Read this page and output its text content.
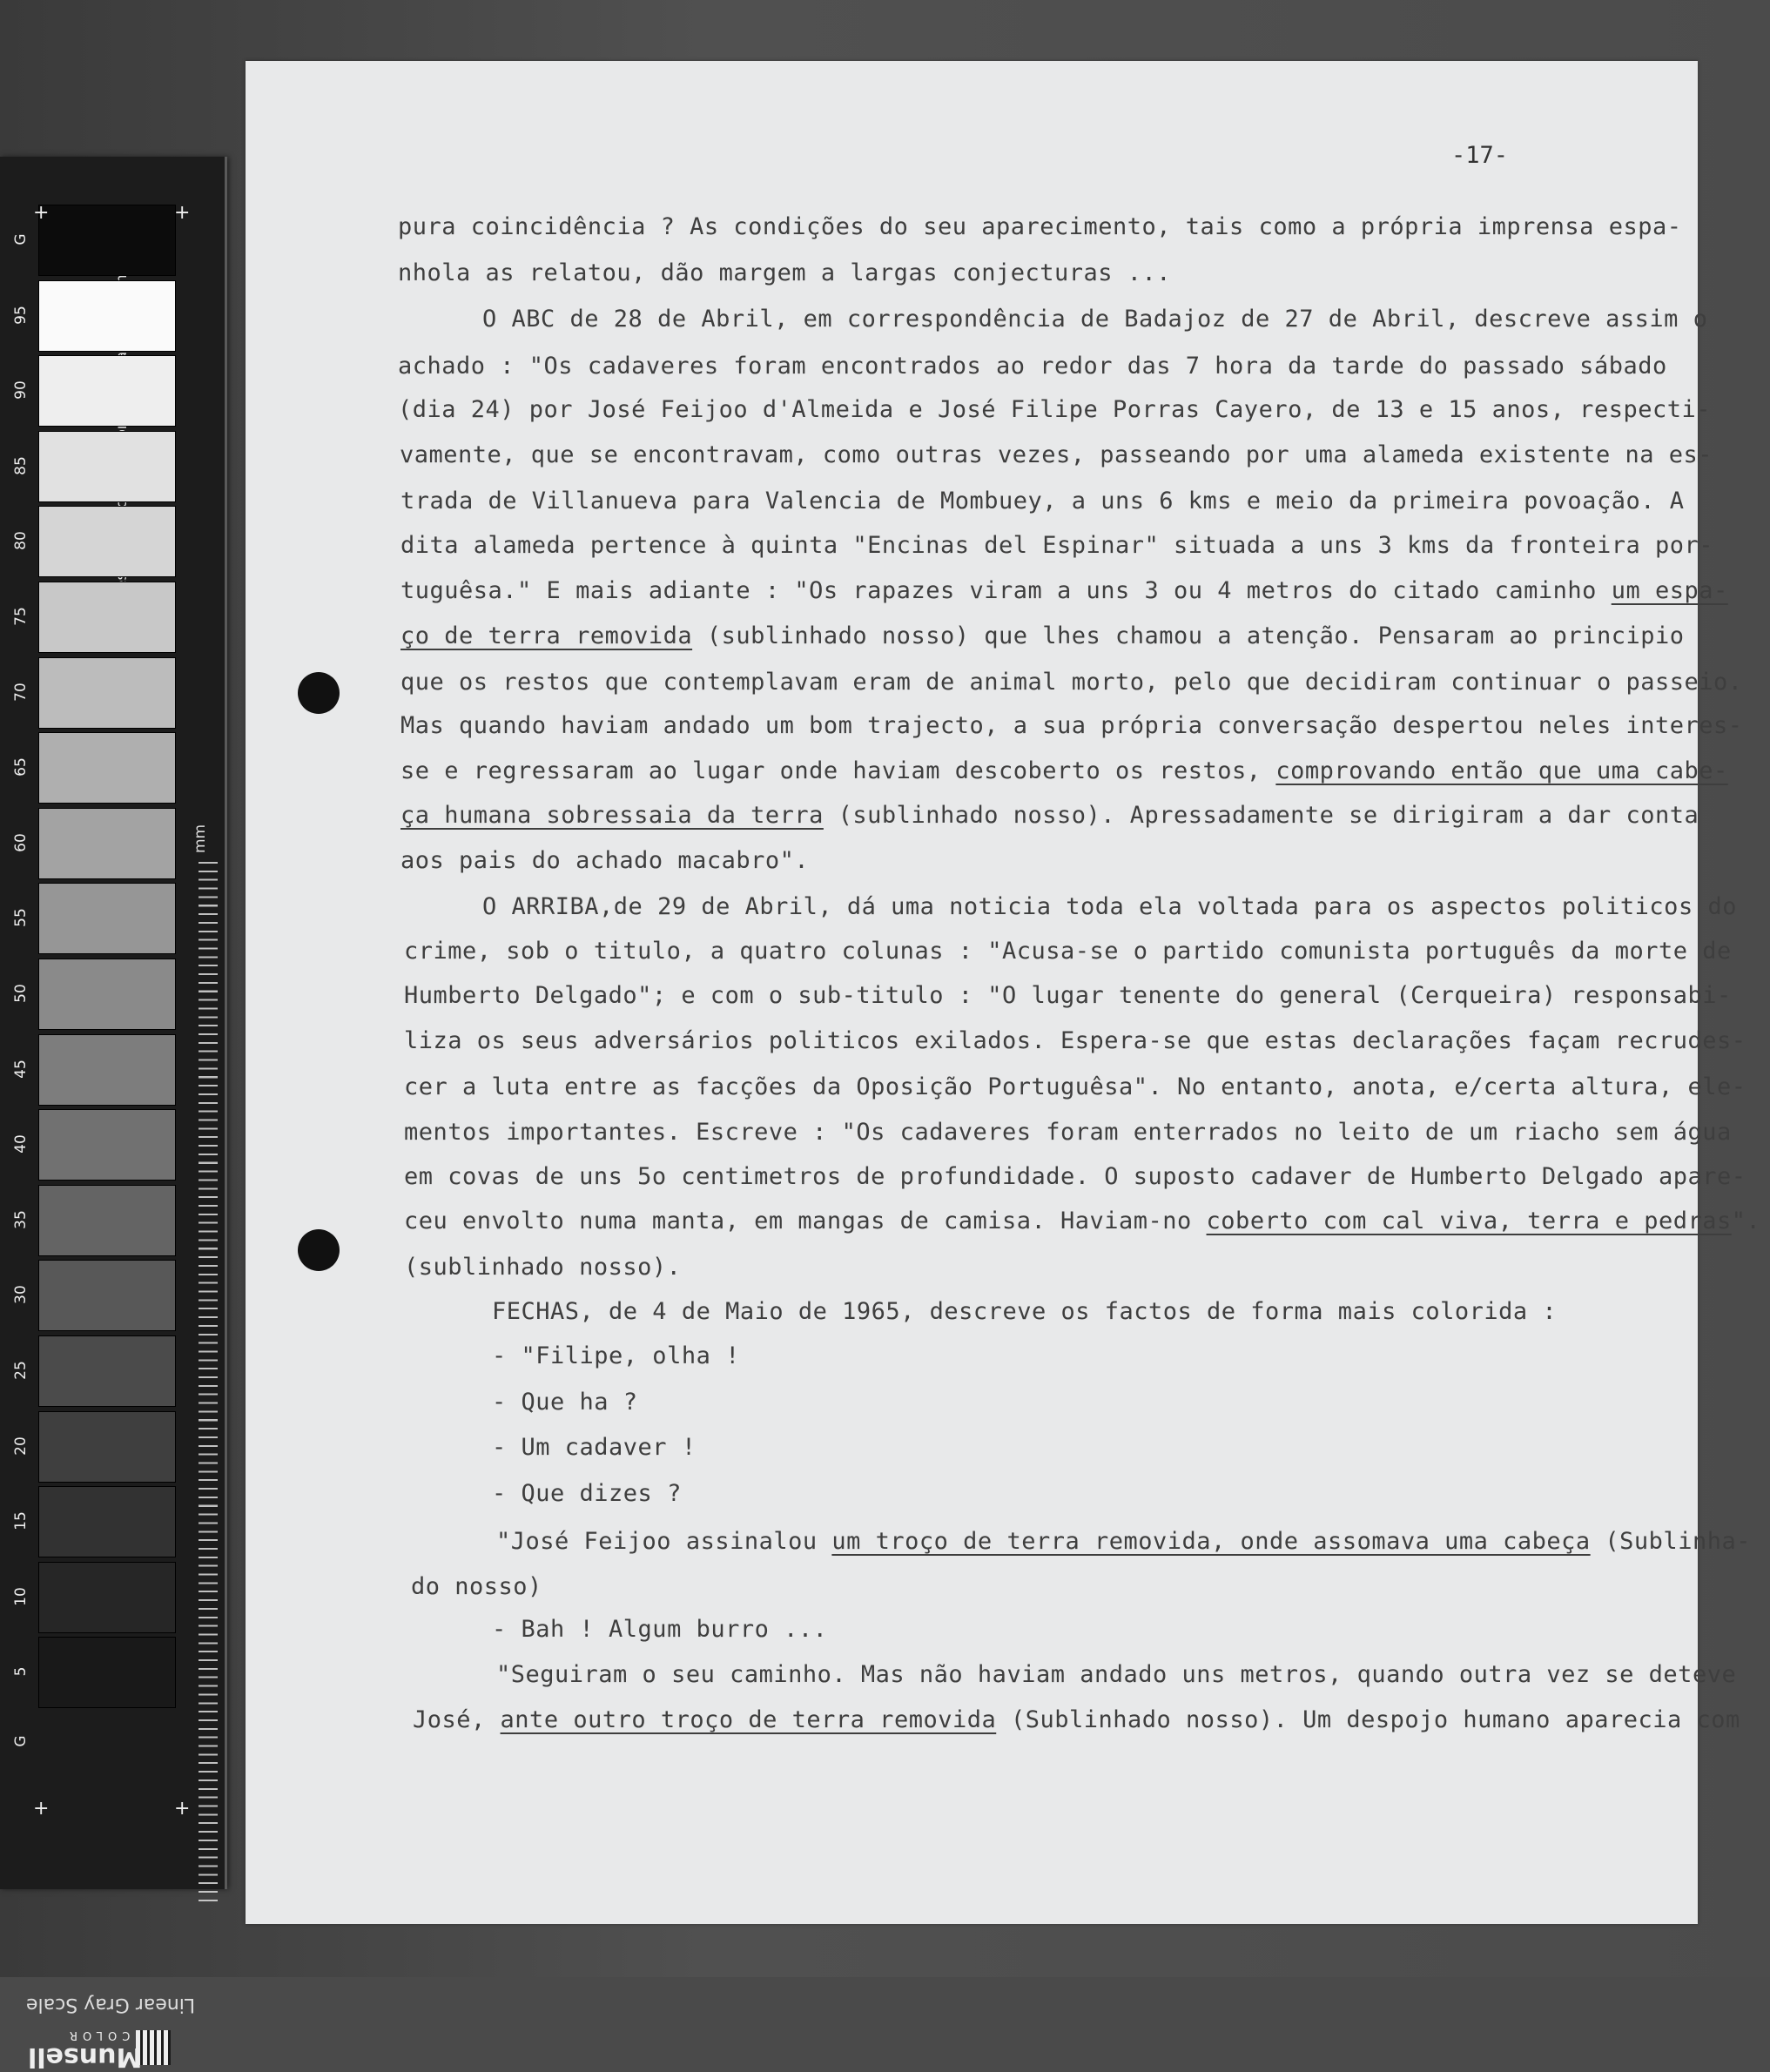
mm
Linear Gray Scale
Munsell
COLOR
G
95
90
85
80
75
70
65
60
55
50
45
40
35
30
25
20
15
10
5
G
+	+
+	+
-17-
pura coincidência ? As condições do seu aparecimento, tais como a própria imprensa espa-
nhola as relatou, dão margem a largas conjecturas ...
O ABC de 28 de Abril, em correspondência de Badajoz de 27 de Abril, descreve assim o
achado : "Os cadaveres foram encontrados ao redor das 7 hora da tarde do passado sábado
(dia 24) por José Feijoo d'Almeida e José Filipe Porras Cayero, de 13 e 15 anos, respecti-
vamente, que se encontravam, como outras vezes, passeando por uma alameda existente na es-
trada de Villanueva para Valencia de Mombuey, a uns 6 kms e meio da primeira povoação. A
dita alameda pertence à quinta "Encinas del Espinar" situada a uns 3 kms da fronteira por-
tuguêsa." E mais adiante : "Os rapazes viram a uns 3 ou 4 metros do citado caminho um espa-
ço de terra removida (sublinhado nosso) que lhes chamou a atenção. Pensaram ao principio
que os restos que contemplavam eram de animal morto, pelo que decidiram continuar o passeio.
Mas quando haviam andado um bom trajecto, a sua própria conversação despertou neles interes-
se e regressaram ao lugar onde haviam descoberto os restos, comprovando então que uma cabe-
ça humana sobressaia da terra (sublinhado nosso). Apressadamente se dirigiram a dar conta
aos pais do achado macabro".
O ARRIBA,de 29 de Abril, dá uma noticia toda ela voltada para os aspectos politicos do
crime, sob o titulo, a quatro colunas : "Acusa-se o partido comunista português da morte de
Humberto Delgado"; e com o sub-titulo : "O lugar tenente do general (Cerqueira) responsabi-
liza os seus adversários politicos exilados. Espera-se que estas declarações façam recrudes-
cer a luta entre as facções da Oposição Portuguêsa". No entanto, anota, e/certa altura, ele-
mentos importantes. Escreve : "Os cadaveres foram enterrados no leito de um riacho sem água
em covas de uns 5o centimetros de profundidade. O suposto cadaver de Humberto Delgado apare-
ceu envolto numa manta, em mangas de camisa. Haviam-no coberto com cal viva, terra e pedras".
(sublinhado nosso).
FECHAS, de 4 de Maio de 1965, descreve os factos de forma mais colorida :
- "Filipe, olha !
- Que ha ?
- Um cadaver !
- Que dizes ?
"José Feijoo assinalou um troço de terra removida, onde assomava uma cabeça (Sublinha-
do nosso)
- Bah ! Algum burro ...
"Seguiram o seu caminho. Mas não haviam andado uns metros, quando outra vez se deteve
José, ante outro troço de terra removida (Sublinhado nosso). Um despojo humano aparecia com
